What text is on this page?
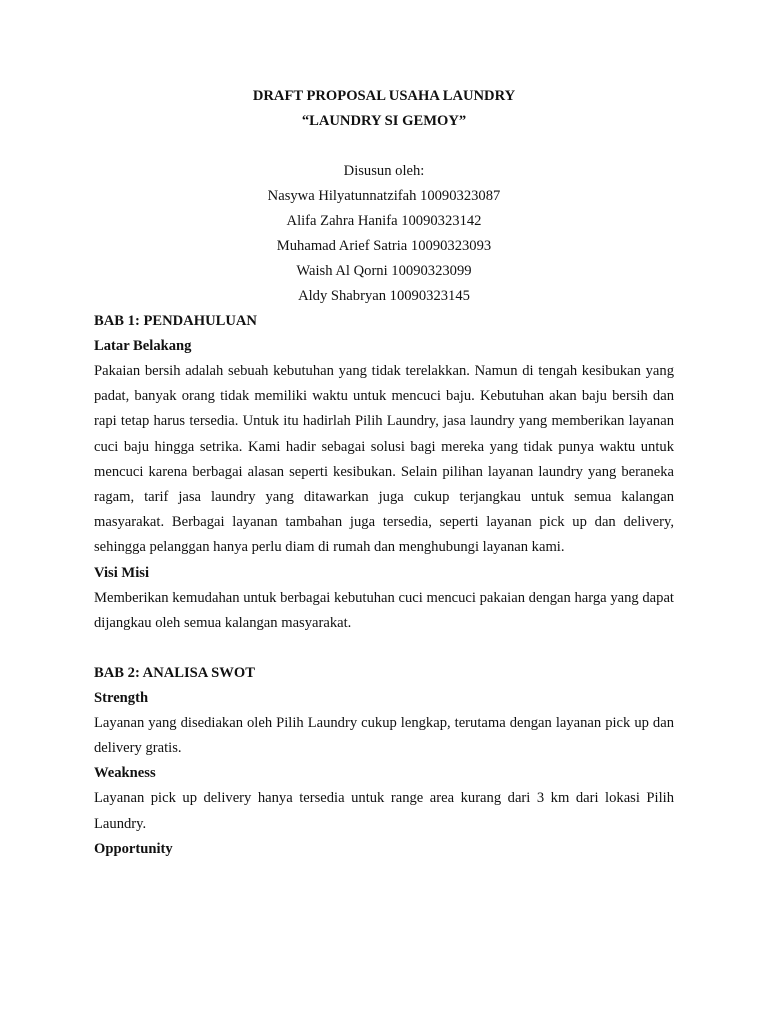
DRAFT PROPOSAL USAHA LAUNDRY

“LAUNDRY SI GEMOY”

Disusun oleh:

Nasywa Hilyatunnatzifah 10090323087

Alifa Zahra Hanifa 10090323142

Muhamad Arief Satria 10090323093

Waish Al Qorni 10090323099

Aldy Shabryan 10090323145

BAB 1: PENDAHULUAN

Latar Belakang

Pakaian bersih adalah sebuah kebutuhan yang tidak terelakkan. Namun di tengah kesibukan yang padat, banyak orang tidak memiliki waktu untuk mencuci baju. Kebutuhan akan baju bersih dan rapi tetap harus tersedia. Untuk itu hadirlah Pilih Laundry, jasa laundry yang memberikan layanan cuci baju hingga setrika. Kami hadir sebagai solusi bagi mereka yang tidak punya waktu untuk mencuci karena berbagai alasan seperti kesibukan. Selain pilihan layanan laundry yang beraneka ragam, tarif jasa laundry yang ditawarkan juga cukup terjangkau untuk semua kalangan masyarakat. Berbagai layanan tambahan juga tersedia, seperti layanan pick up dan delivery, sehingga pelanggan hanya perlu diam di rumah dan menghubungi layanan kami.

Visi Misi

Memberikan kemudahan untuk berbagai kebutuhan cuci mencuci pakaian dengan harga yang dapat dijangkau oleh semua kalangan masyarakat.

BAB 2: ANALISA SWOT

Strength

Layanan yang disediakan oleh Pilih Laundry cukup lengkap, terutama dengan layanan pick up dan delivery gratis.

Weakness

Layanan pick up delivery hanya tersedia untuk range area kurang dari 3 km dari lokasi Pilih Laundry.

Opportunity
